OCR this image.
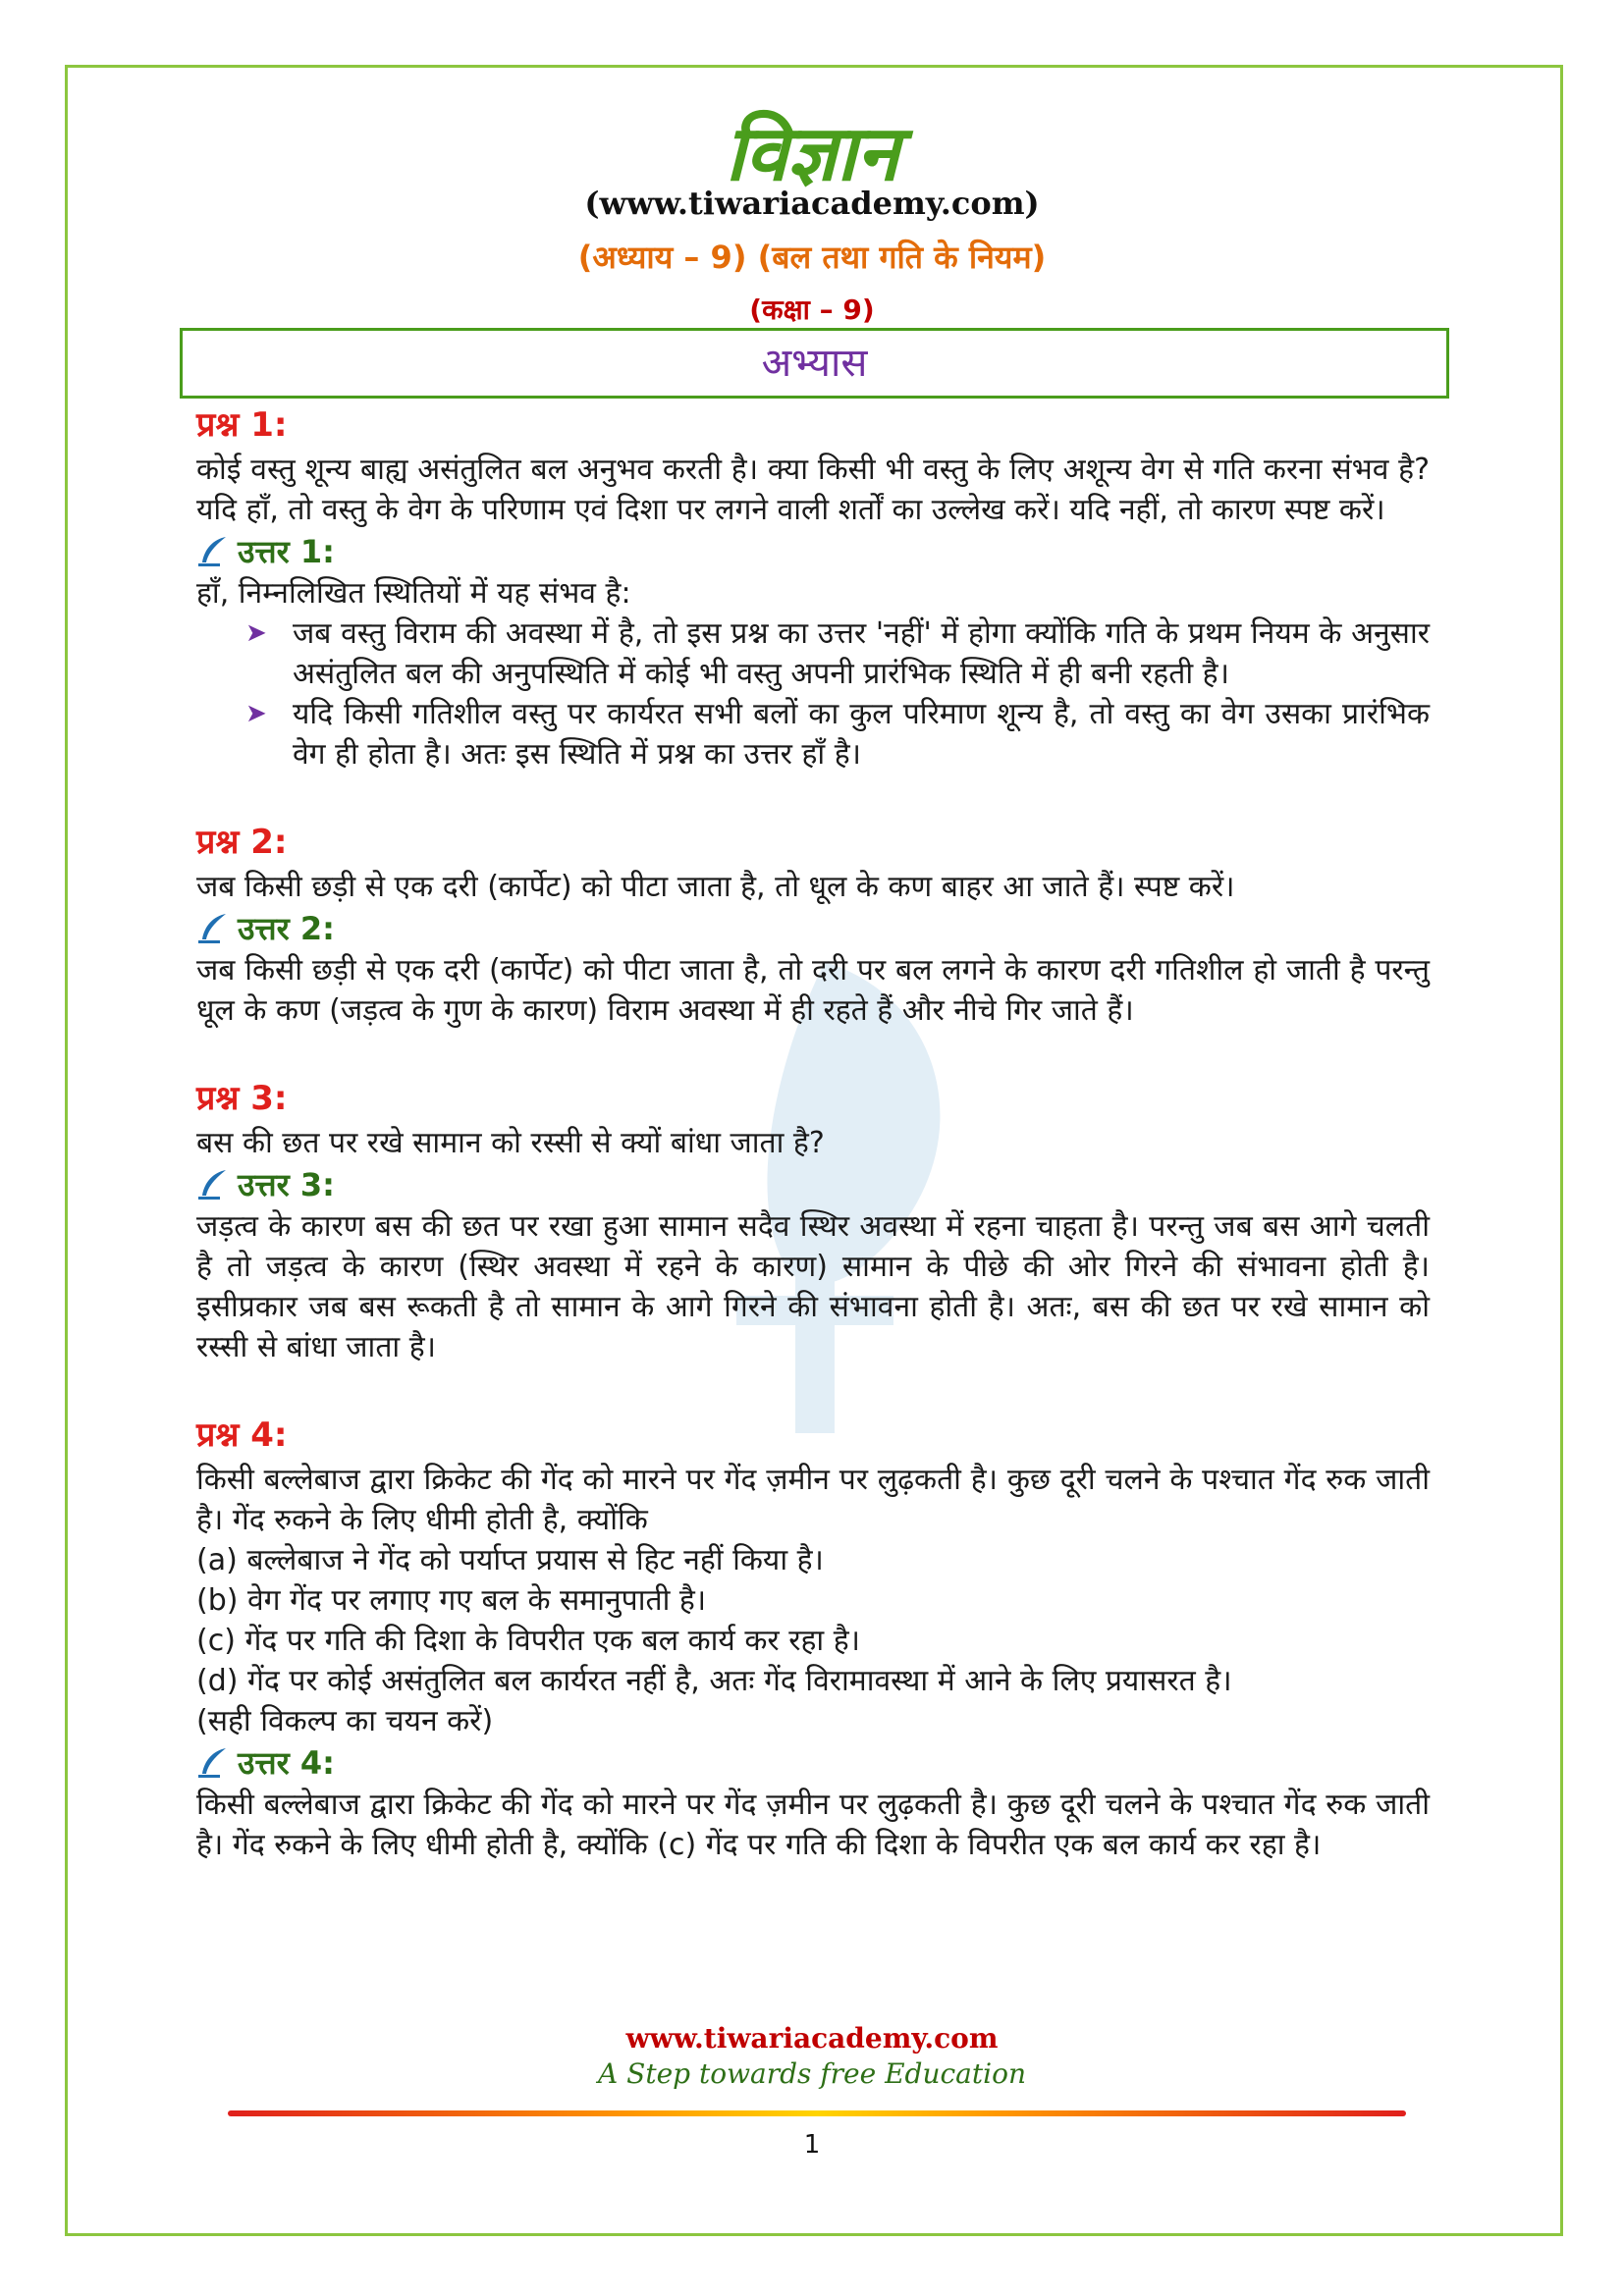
विज्ञान
(www.tiwariacademy.com)
(अध्याय – 9) (बल तथा गति के नियम)
(कक्षा – 9)
अभ्यास
प्रश्न 1:

कोई वस्तु शून्य बाह्य असंतुलित बल अनुभव करती है। क्या किसी भी वस्तु के लिए अशून्य वेग से गति करना संभव है? यदि हाँ, तो वस्तु के वेग के परिणाम एवं दिशा पर लगने वाली शर्तों का उल्लेख करें। यदि नहीं, तो कारण स्पष्ट करें।

उत्तर 1:

हाँ, निम्नलिखित स्थितियों में यह संभव है:

➤ जब वस्तु विराम की अवस्था में है, तो इस प्रश्न का उत्तर 'नहीं' में होगा क्योंकि गति के प्रथम नियम के अनुसार असंतुलित बल की अनुपस्थिति में कोई भी वस्तु अपनी प्रारंभिक स्थिति में ही बनी रहती है।
➤ यदि किसी गतिशील वस्तु पर कार्यरत सभी बलों का कुल परिमाण शून्य है, तो वस्तु का वेग उसका प्रारंभिक वेग ही होता है। अतः इस स्थिति में प्रश्न का उत्तर हाँ है।
प्रश्न 2:

जब किसी छड़ी से एक दरी (कार्पेट) को पीटा जाता है, तो धूल के कण बाहर आ जाते हैं। स्पष्ट करें।

उत्तर 2:

जब किसी छड़ी से एक दरी (कार्पेट) को पीटा जाता है, तो दरी पर बल लगने के कारण दरी गतिशील हो जाती है परन्तु धूल के कण (जड़त्व के गुण के कारण) विराम अवस्था में ही रहते हैं और नीचे गिर जाते हैं।

प्रश्न 3:

बस की छत पर रखे सामान को रस्सी से क्यों बांधा जाता है?

उत्तर 3:

जड़त्व के कारण बस की छत पर रखा हुआ सामान सदैव स्थिर अवस्था में रहना चाहता है। परन्तु जब बस आगे चलती है तो जड़त्व के कारण (स्थिर अवस्था में रहने के कारण) सामान के पीछे की ओर गिरने की संभावना होती है। इसीप्रकार जब बस रूकती है तो सामान के आगे गिरने की संभावना होती है। अतः, बस की छत पर रखे सामान को रस्सी से बांधा जाता है।

प्रश्न 4:

किसी बल्लेबाज द्वारा क्रिकेट की गेंद को मारने पर गेंद ज़मीन पर लुढ़कती है। कुछ दूरी चलने के पश्चात गेंद रुक जाती है। गेंद रुकने के लिए धीमी होती है, क्योंकि

(a) बल्लेबाज ने गेंद को पर्याप्त प्रयास से हिट नहीं किया है।

(b) वेग गेंद पर लगाए गए बल के समानुपाती है।

(c) गेंद पर गति की दिशा के विपरीत एक बल कार्य कर रहा है।

(d) गेंद पर कोई असंतुलित बल कार्यरत नहीं है, अतः गेंद विरामावस्था में आने के लिए प्रयासरत है।

(सही विकल्प का चयन करें)

उत्तर 4:

किसी बल्लेबाज द्वारा क्रिकेट की गेंद को मारने पर गेंद ज़मीन पर लुढ़कती है। कुछ दूरी चलने के पश्चात गेंद रुक जाती है। गेंद रुकने के लिए धीमी होती है, क्योंकि (c) गेंद पर गति की दिशा के विपरीत एक बल कार्य कर रहा है।

www.tiwariacademy.com
A Step towards free Education
1
